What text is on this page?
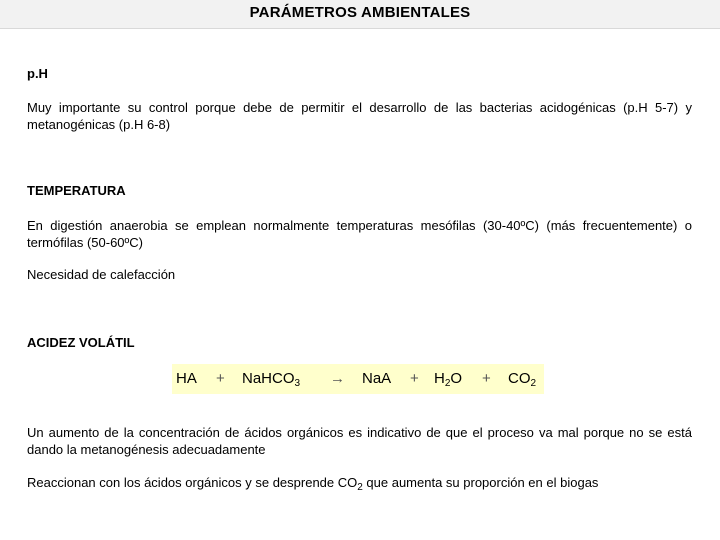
PARÁMETROS AMBIENTALES
p.H
Muy importante su control porque debe de permitir el desarrollo de las bacterias acidogénicas (p.H 5-7) y metanogénicas (p.H 6-8)
TEMPERATURA
En digestión anaerobia se emplean normalmente temperaturas mesófilas (30-40ºC) (más frecuentemente) o termófilas (50-60ºC)
Necesidad de calefacción
ACIDEZ VOLÁTIL
HA + NaHCO$_3$ → NaA + $H_2O + CO_2$
Un aumento de la concentración de ácidos orgánicos es indicativo de que el proceso va mal porque no se está dando la metanogénesis adecuadamente
Reaccionan con los ácidos orgánicos y se desprende $CO_2$ que aumenta su proporción en el biogas
